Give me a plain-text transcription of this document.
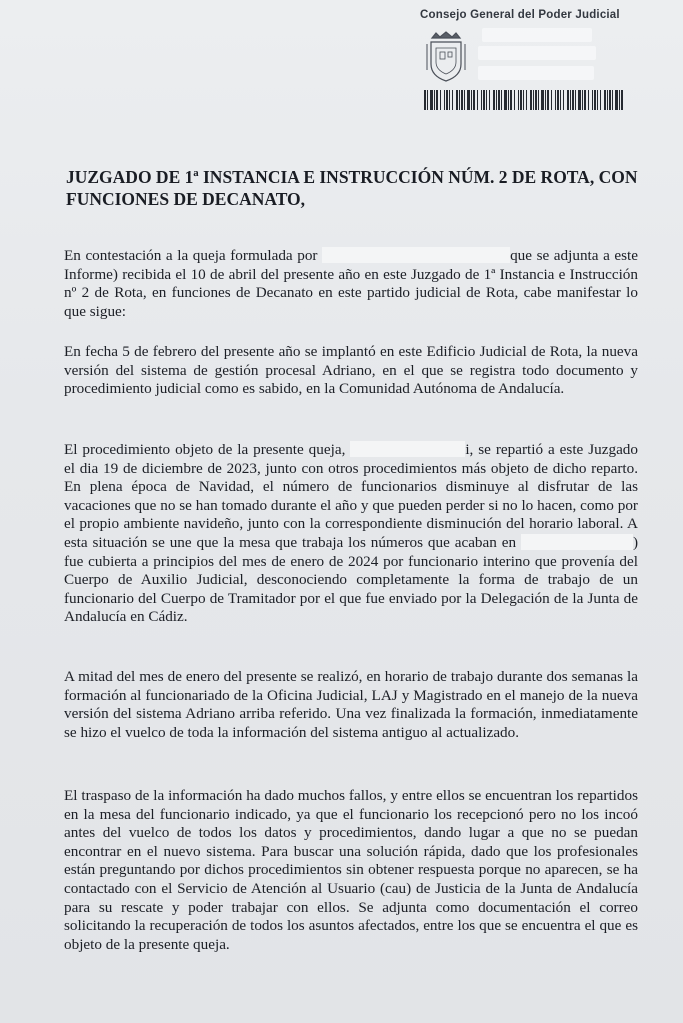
Consejo General del Poder Judicial
JUZGADO DE 1ª INSTANCIA E INSTRUCCIÓN NÚM. 2 DE ROTA, CON FUNCIONES DE DECANATO,

En contestación a la queja formulada por	que se adjunta a este Informe) recibida el 10 de abril del presente año en este Juzgado de 1ª Instancia e Instrucción nº 2 de Rota, en funciones de Decanato en este partido judicial de Rota, cabe manifestar lo que sigue:

En fecha 5 de febrero del presente año se implantó en este Edificio Judicial de Rota, la nueva versión del sistema de gestión procesal Adriano, en el que se registra todo documento y procedimiento judicial como es sabido, en la Comunidad Autónoma de Andalucía.

El procedimiento objeto de la presente queja,	i, se repartió a este Juzgado el dia 19 de diciembre de 2023, junto con otros procedimientos más objeto de dicho reparto. En plena época de Navidad, el número de funcionarios disminuye al disfrutar de las vacaciones que no se han tomado durante el año y que pueden perder si no lo hacen, como por el propio ambiente navideño, junto con la correspondiente disminución del horario laboral. A esta situación se une que la mesa que trabaja los números que acaban en	) fue cubierta a principios del mes de enero de 2024 por funcionario interino que provenía del Cuerpo de Auxilio Judicial, desconociendo completamente la forma de trabajo de un funcionario del Cuerpo de Tramitador por el que fue enviado por la Delegación de la Junta de Andalucía en Cádiz.

A mitad del mes de enero del presente se realizó, en horario de trabajo durante dos semanas la formación al funcionariado de la Oficina Judicial, LAJ y Magistrado en el manejo de la nueva versión del sistema Adriano arriba referido. Una vez finalizada la formación, inmediatamente se hizo el vuelco de toda la información del sistema antiguo al actualizado.

El traspaso de la información ha dado muchos fallos, y entre ellos se encuentran los repartidos en la mesa del funcionario indicado, ya que el funcionario los recepcionó pero no los incoó antes del vuelco de todos los datos y procedimientos, dando lugar a que no se puedan encontrar en el nuevo sistema. Para buscar una solución rápida, dado que los profesionales están preguntando por dichos procedimientos sin obtener respuesta porque no aparecen, se ha contactado con el Servicio de Atención al Usuario (cau) de Justicia de la Junta de Andalucía para su rescate y poder trabajar con ellos. Se adjunta como documentación el correo solicitando la recuperación de todos los asuntos afectados, entre los que se encuentra el que es objeto de la presente queja.
